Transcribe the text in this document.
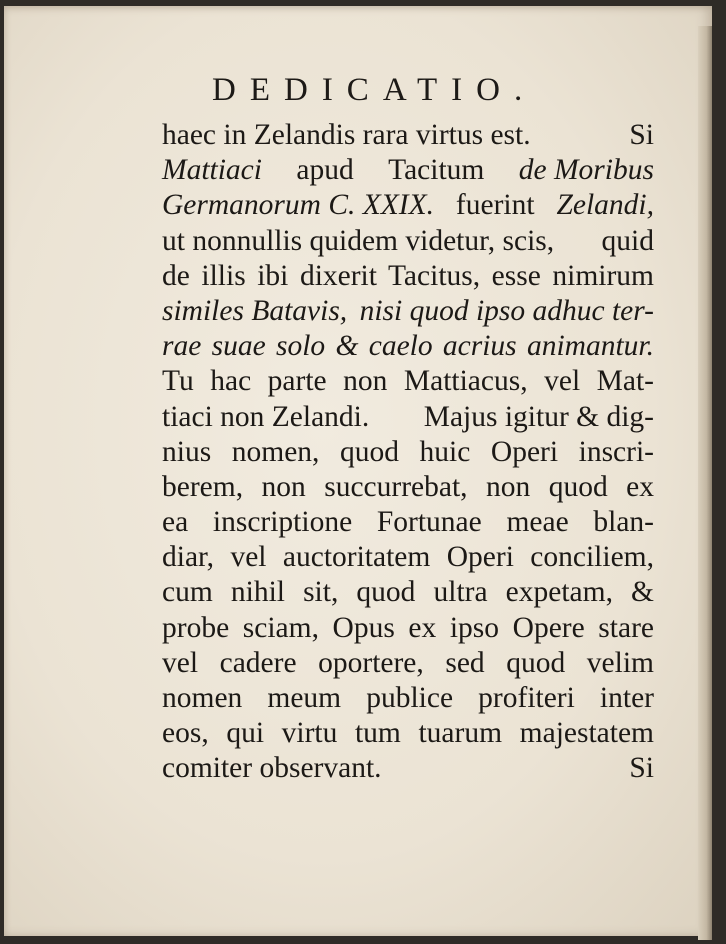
DEDICATIO.
haec in Zelandis rara virtus est.	Si
Mattiaci apud Tacitum de Moribus
Germanorum C. XXIX. fuerint Zelandi,
ut nonnullis quidem videtur, scis, quid
de illis ibi dixerit Tacitus, esse nimirum
similes Batavis, nisi quod ipso adhuc ter-
rae suae solo & caelo acrius animantur.
Tu hac parte non Mattiacus, vel Mat-
tiaci non Zelandi. Majus igitur & dig-
nius nomen, quod huic Operi inscri-
berem, non succurrebat, non quod ex
ea inscriptione Fortunae meae blan-
diar, vel auctoritatem Operi conciliem,
cum nihil sit, quod ultra expetam, &
probe sciam, Opus ex ipso Opere stare
vel cadere oportere, sed quod velim
nomen meum publice profiteri inter
eos, qui virtu tum tuarum majestatem
comiter observant.	Si
